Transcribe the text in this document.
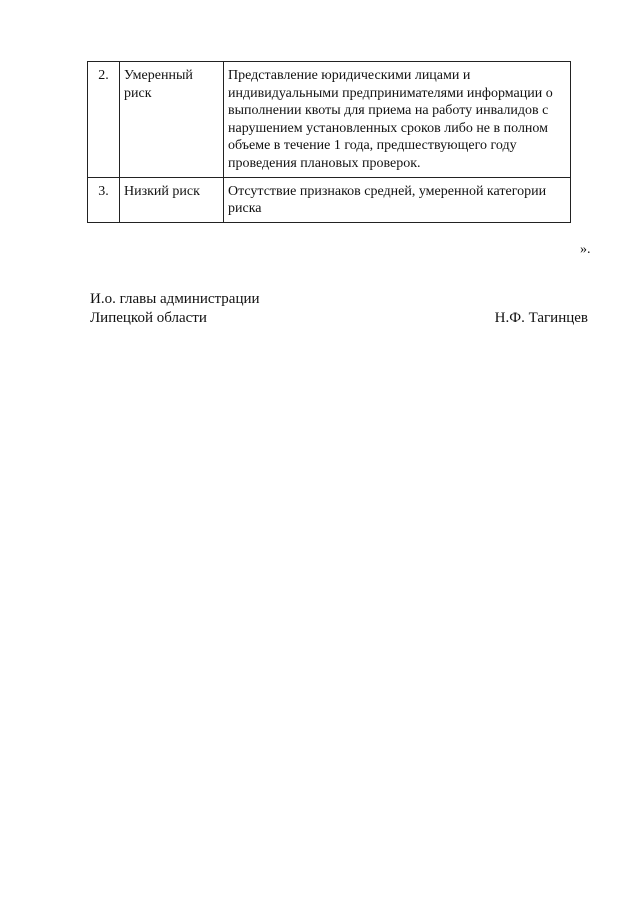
2.	Умеренный риск	Представление юридическими лицами и индивидуальными предпринимателями информации о выполнении квоты для приема на работу инвалидов с нарушением установленных сроков либо не в полном объеме в течение 1 года, предшествующего году проведения плановых проверок.
3.	Низкий риск	Отсутствие признаков средней, умеренной категории риска
».
И.о. главы администрации
Липецкой области	Н.Ф. Тагинцев
